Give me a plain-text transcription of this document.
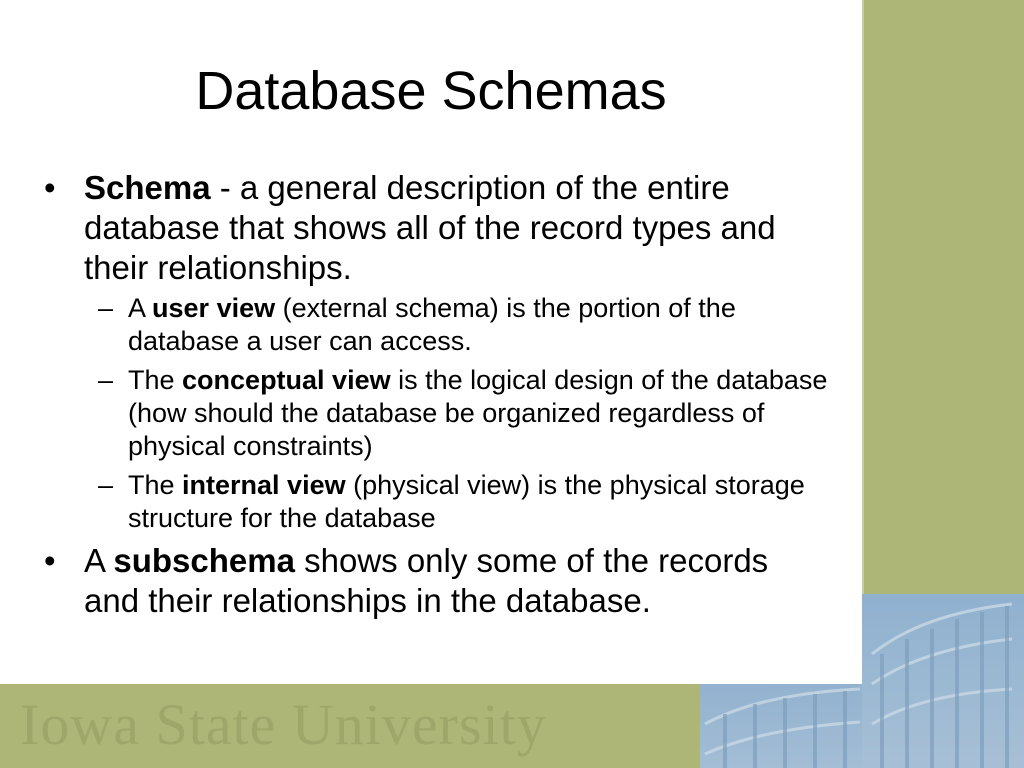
Iowa State University
Database Schemas
• Schema - a general description of the entire database that shows all of the record types and their relationships.
– A user view (external schema) is the portion of the database a user can access.
– The conceptual view is the logical design of the database (how should the database be organized regardless of physical constraints)
– The internal view (physical view) is the physical storage structure for the database
• A subschema shows only some of the records and their relationships in the database.
